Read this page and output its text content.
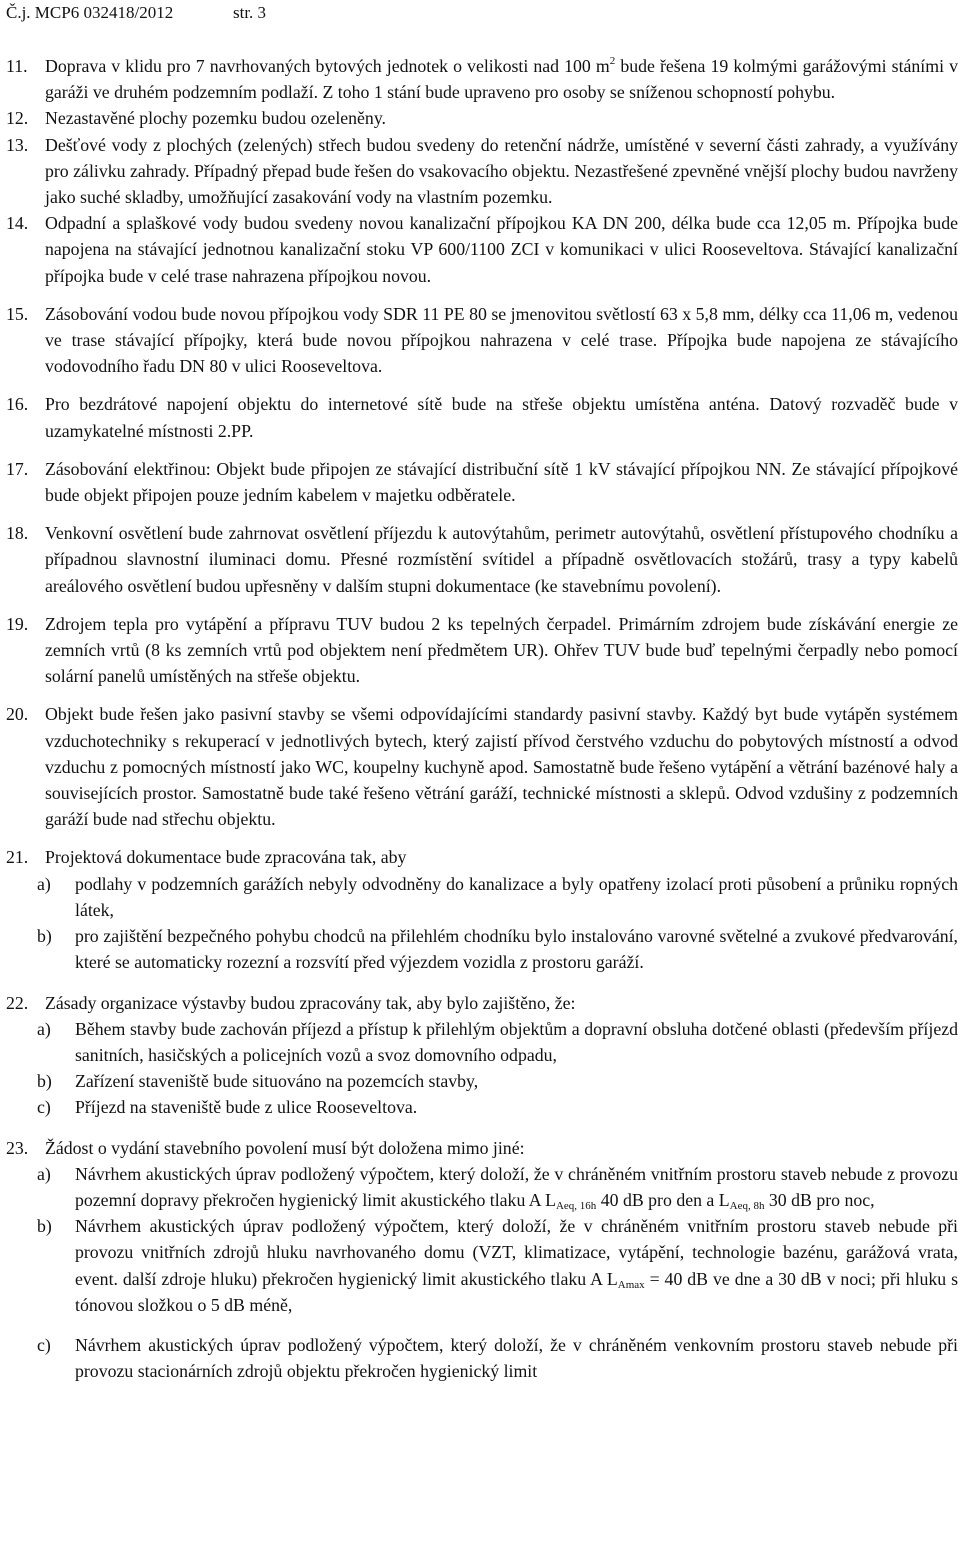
Č.j. MCP6 032418/2012	str. 3
11. Doprava v klidu pro 7 navrhovaných bytových jednotek o velikosti nad 100 $m^2$ bude řešena 19 kolmými garážovými stáními v garáži ve druhém podzemním podlaží. Z toho 1 stání bude upraveno pro osoby se sníženou schopností pohybu.
12. Nezastavěné plochy pozemku budou ozeleněny.
13. Dešťové vody z plochých (zelených) střech budou svedeny do retenční nádrže, umístěné v severní části zahrady, a využívány pro zálivku zahrady. Případný přepad bude řešen do vsakovacího objektu. Nezastřešené zpevněné vnější plochy budou navrženy jako suché skladby, umožňující zasakování vody na vlastním pozemku.
14. Odpadní a splaškové vody budou svedeny novou kanalizační přípojkou KA DN 200, délka bude cca 12,05 m. Přípojka bude napojena na stávající jednotnou kanalizační stoku VP 600/1100 ZCI v komunikaci v ulici Rooseveltova. Stávající kanalizační přípojka bude v celé trase nahrazena přípojkou novou.
15. Zásobování vodou bude novou přípojkou vody SDR 11 PE 80 se jmenovitou světlostí 63 x 5,8 mm, délky cca 11,06 m, vedenou ve trase stávající přípojky, která bude novou přípojkou nahrazena v celé trase. Přípojka bude napojena ze stávajícího vodovodního řadu DN 80 v ulici Rooseveltova.
16. Pro bezdrátové napojení objektu do internetové sítě bude na střeše objektu umístěna anténa. Datový rozvaděč bude v uzamykatelné místnosti 2.PP.
17. Zásobování elektřinou: Objekt bude připojen ze stávající distribuční sítě 1 kV stávající přípojkou NN. Ze stávající přípojkové bude objekt připojen pouze jedním kabelem v majetku odběratele.
18. Venkovní osvětlení bude zahrnovat osvětlení příjezdu k autovýtahům, perimetr autovýtahů, osvětlení přístupového chodníku a případnou slavnostní iluminaci domu. Přesné rozmístění svítidel a případně osvětlovacích stožárů, trasy a typy kabelů areálového osvětlení budou upřesněny v dalším stupni dokumentace (ke stavebnímu povolení).
19. Zdrojem tepla pro vytápění a přípravu TUV budou 2 ks tepelných čerpadel. Primárním zdrojem bude získávání energie ze zemních vrtů (8 ks zemních vrtů pod objektem není předmětem UR). Ohřev TUV bude buď tepelnými čerpadly nebo pomocí solární panelů umístěných na střeše objektu.
20. Objekt bude řešen jako pasivní stavby se všemi odpovídajícími standardy pasivní stavby. Každý byt bude vytápěn systémem vzduchotechniky s rekuperací v jednotlivých bytech, který zajistí přívod čerstvého vzduchu do pobytových místností a odvod vzduchu z pomocných místností jako WC, koupelny kuchyně apod. Samostatně bude řešeno vytápění a větrání bazénové haly a souvisejících prostor. Samostatně bude také řešeno větrání garáží, technické místnosti a sklepů. Odvod vzdušiny z podzemních garáží bude nad střechu objektu.
21. Projektová dokumentace bude zpracována tak, aby
a) podlahy v podzemních garážích nebyly odvodněny do kanalizace a byly opatřeny izolací proti působení a průniku ropných látek,
b) pro zajištění bezpečného pohybu chodců na přilehlém chodníku bylo instalováno varovné světelné a zvukové předvarování, které se automaticky rozezní a rozsvítí před výjezdem vozidla z prostoru garáží.
22. Zásady organizace výstavby budou zpracovány tak, aby bylo zajištěno, že:
a) Během stavby bude zachován příjezd a přístup k přilehlým objektům a dopravní obsluha dotčené oblasti (především příjezd sanitních, hasičských a policejních vozů a svoz domovního odpadu,
b) Zařízení staveniště bude situováno na pozemcích stavby,
c) Příjezd na staveniště bude z ulice Rooseveltova.
23. Žádost o vydání stavebního povolení musí být doložena mimo jiné:
a) Návrhem akustických úprav podložený výpočtem, který doloží, že v chráněném vnitřním prostoru staveb nebude z provozu pozemní dopravy překročen hygienický limit akustického tlaku A $L_{Aeq, 16h}$ 40 dB pro den a $L_{Aeq, 8h}$ 30 dB pro noc,
b) Návrhem akustických úprav podložený výpočtem, který doloží, že v chráněném vnitřním prostoru staveb nebude při provozu vnitřních zdrojů hluku navrhovaného domu (VZT, klimatizace, vytápění, technologie bazénu, garážová vrata, event. další zdroje hluku) překročen hygienický limit akustického tlaku A $L_{Amax} = 40$ dB ve dne a 30 dB v noci; při hluku s tónovou složkou o 5 dB méně,
c) Návrhem akustických úprav podložený výpočtem, který doloží, že v chráněném venkovním prostoru staveb nebude při provozu stacionárních zdrojů objektu překročen hygienický limit
